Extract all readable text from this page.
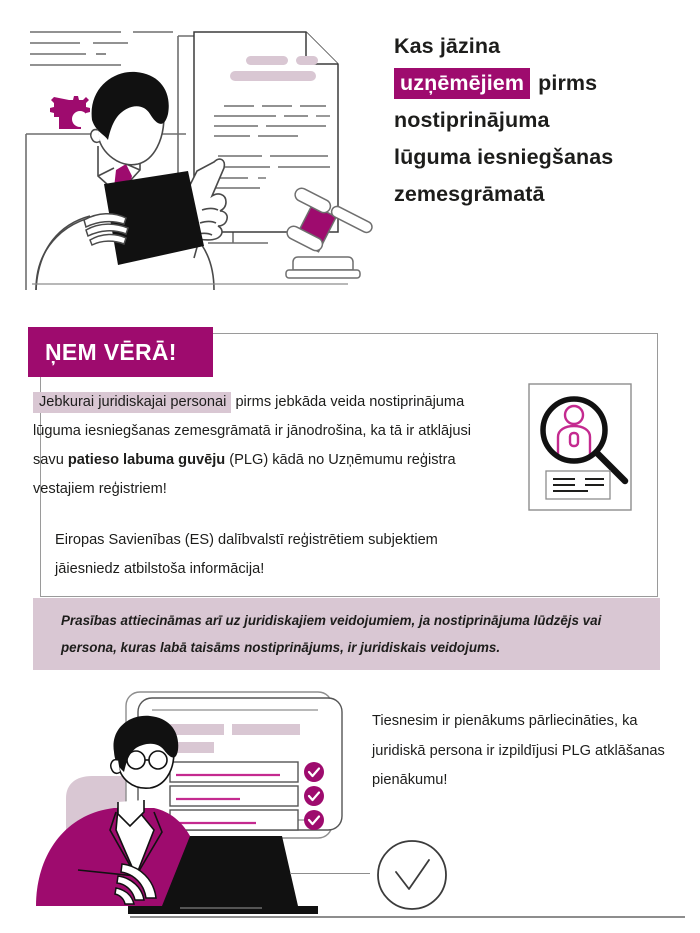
Kas jāzina
uzņēmējiem pirms
nostiprinājuma
lūguma iesniegšanas
zemesgrāmatā
ŅEM VĒRĀ!
Jebkurai juridiskajai personai pirms jebkāda veida nostiprinājuma lūguma iesniegšanas zemesgrāmatā ir jānodrošina, ka tā ir atklājusi savu patieso labuma guvēju (PLG) kādā no Uzņēmumu reģistra vestajiem reģistriem!
Eiropas Savienības (ES) dalībvalstī reģistrētiem subjektiem jāiesniedz atbilstoša informācija!
Prasības attiecināmas arī uz juridiskajiem veidojumiem, ja nostiprinājuma lūdzējs vai persona, kuras labā taisāms nostiprinājums, ir juridiskais veidojums.

Tiesnesim ir pienākums pārliecināties, ka juridiskā persona ir izpildījusi PLG atklāšanas pienākumu!
